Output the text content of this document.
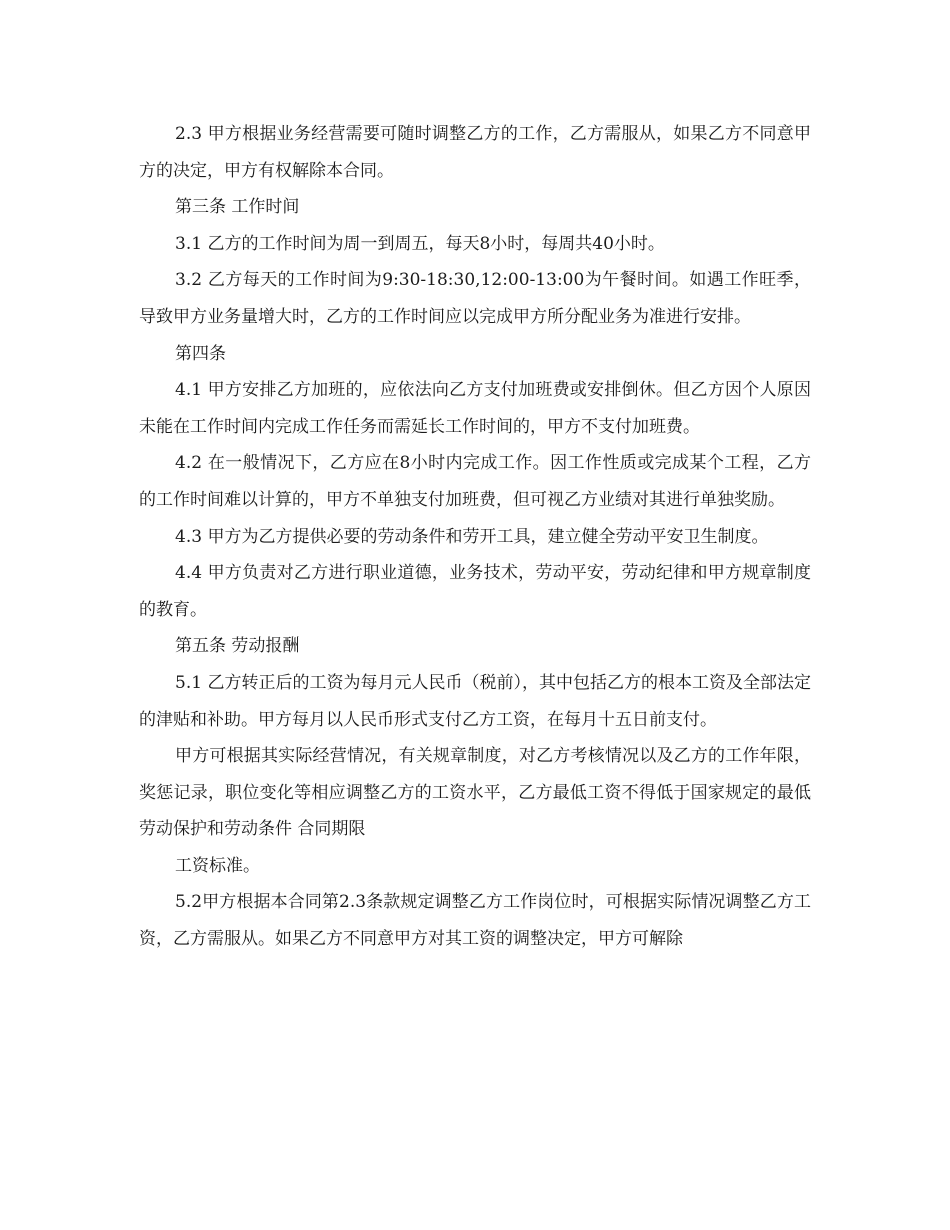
2.3 甲方根据业务经营需要可随时调整乙方的工作，乙方需服从，如果乙方不同意甲方的决定，甲方有权解除本合同。

第三条 工作时间

3.1 乙方的工作时间为周一到周五，每天8小时，每周共40小时。

3.2 乙方每天的工作时间为9:30-18:30,12:00-13:00为午餐时间。如遇工作旺季，导致甲方业务量增大时，乙方的工作时间应以完成甲方所分配业务为准进行安排。

第四条

4.1 甲方安排乙方加班的，应依法向乙方支付加班费或安排倒休。但乙方因个人原因未能在工作时间内完成工作任务而需延长工作时间的，甲方不支付加班费。

4.2 在一般情况下，乙方应在8小时内完成工作。因工作性质或完成某个工程，乙方的工作时间难以计算的，甲方不单独支付加班费，但可视乙方业绩对其进行单独奖励。

4.3 甲方为乙方提供必要的劳动条件和劳开工具，建立健全劳动平安卫生制度。

4.4 甲方负责对乙方进行职业道德，业务技术，劳动平安，劳动纪律和甲方规章制度的教育。

第五条 劳动报酬

5.1 乙方转正后的工资为每月元人民币（税前），其中包括乙方的根本工资及全部法定的津贴和补助。甲方每月以人民币形式支付乙方工资，在每月十五日前支付。

甲方可根据其实际经营情况，有关规章制度，对乙方考核情况以及乙方的工作年限，奖惩记录，职位变化等相应调整乙方的工资水平，乙方最低工资不得低于国家规定的最低劳动保护和劳动条件 合同期限

工资标准。

5.2甲方根据本合同第2.3条款规定调整乙方工作岗位时，可根据实际情况调整乙方工资，乙方需服从。如果乙方不同意甲方对其工资的调整决定，甲方可解除
